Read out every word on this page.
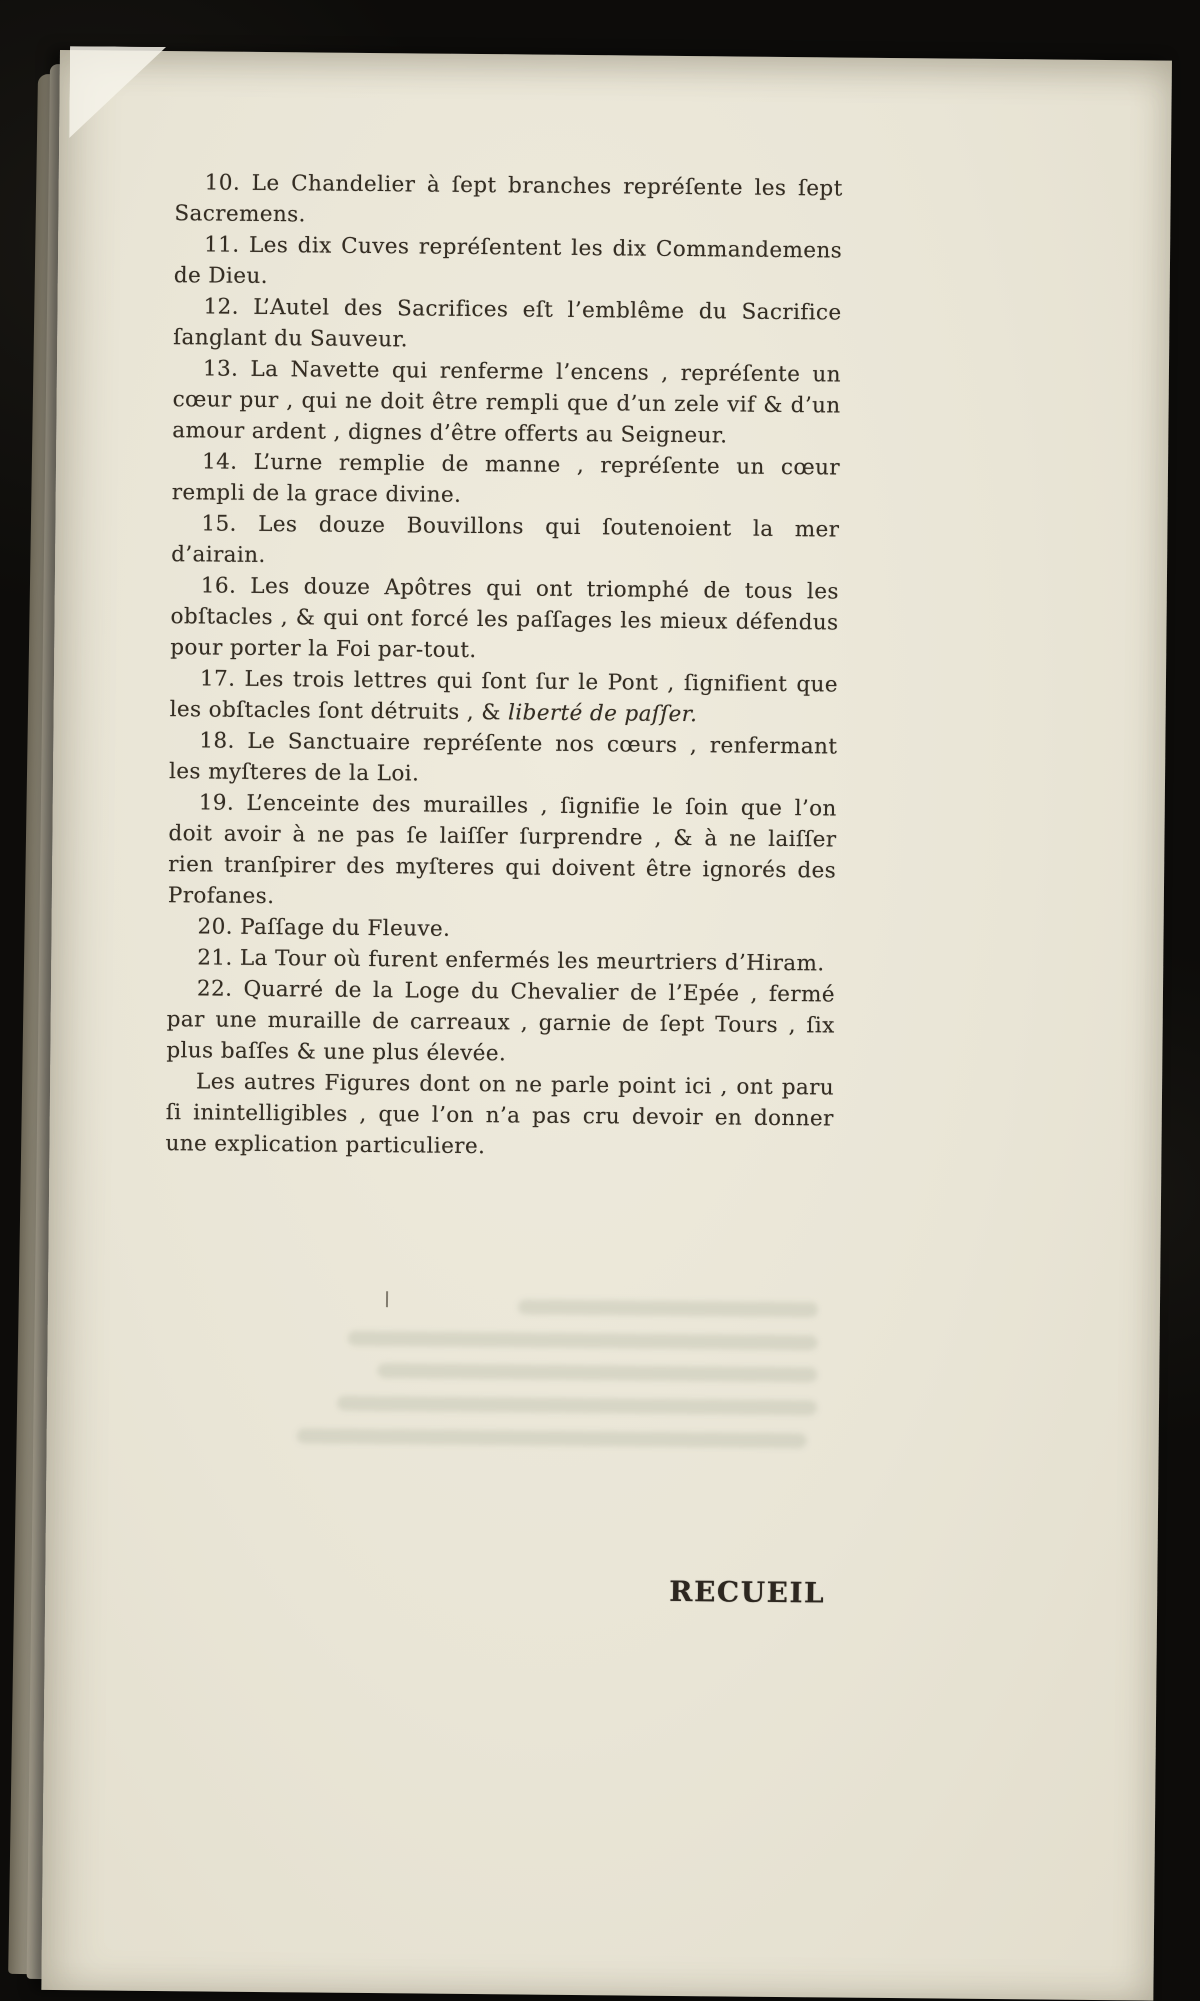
10. Le Chandelier à ſept branches repréſente les ſept Sacremens.

11. Les dix Cuves repréſentent les dix Commandemens de Dieu.

12. L’Autel des Sacrifices eſt l’emblême du Sacrifice ſanglant du Sauveur.

13. La Navette qui renferme l’encens , repréſente un cœur pur , qui ne doit être rempli que d’un zele vif & d’un amour ardent , dignes d’être offerts au Seigneur.

14. L’urne remplie de manne , repréſente un cœur rempli de la grace divine.

15. Les douze Bouvillons qui ſoutenoient la mer d’airain.

16. Les douze Apôtres qui ont triomphé de tous les obſtacles , & qui ont forcé les paſſages les mieux défendus pour porter la Foi par-tout.

17. Les trois lettres qui ſont ſur le Pont , ſignifient que les obſtacles ſont détruits , & liberté de paſſer.

18. Le Sanctuaire repréſente nos cœurs , renfermant les myſteres de la Loi.

19. L’enceinte des murailles , ſignifie le ſoin que l’on doit avoir à ne pas ſe laiſſer ſurprendre , & à ne laiſſer rien tranſpirer des myſteres qui doivent être ignorés des Profanes.

20. Paſſage du Fleuve.

21. La Tour où furent enfermés les meurtriers d’Hiram.

22. Quarré de la Loge du Chevalier de l’Epée , fermé par une muraille de carreaux , garnie de ſept Tours , ſix plus baſſes & une plus élevée.

Les autres Figures dont on ne parle point ici , ont paru ſi inintelligibles , que l’on n’a pas cru devoir en donner une explication particuliere.

RECUEIL
